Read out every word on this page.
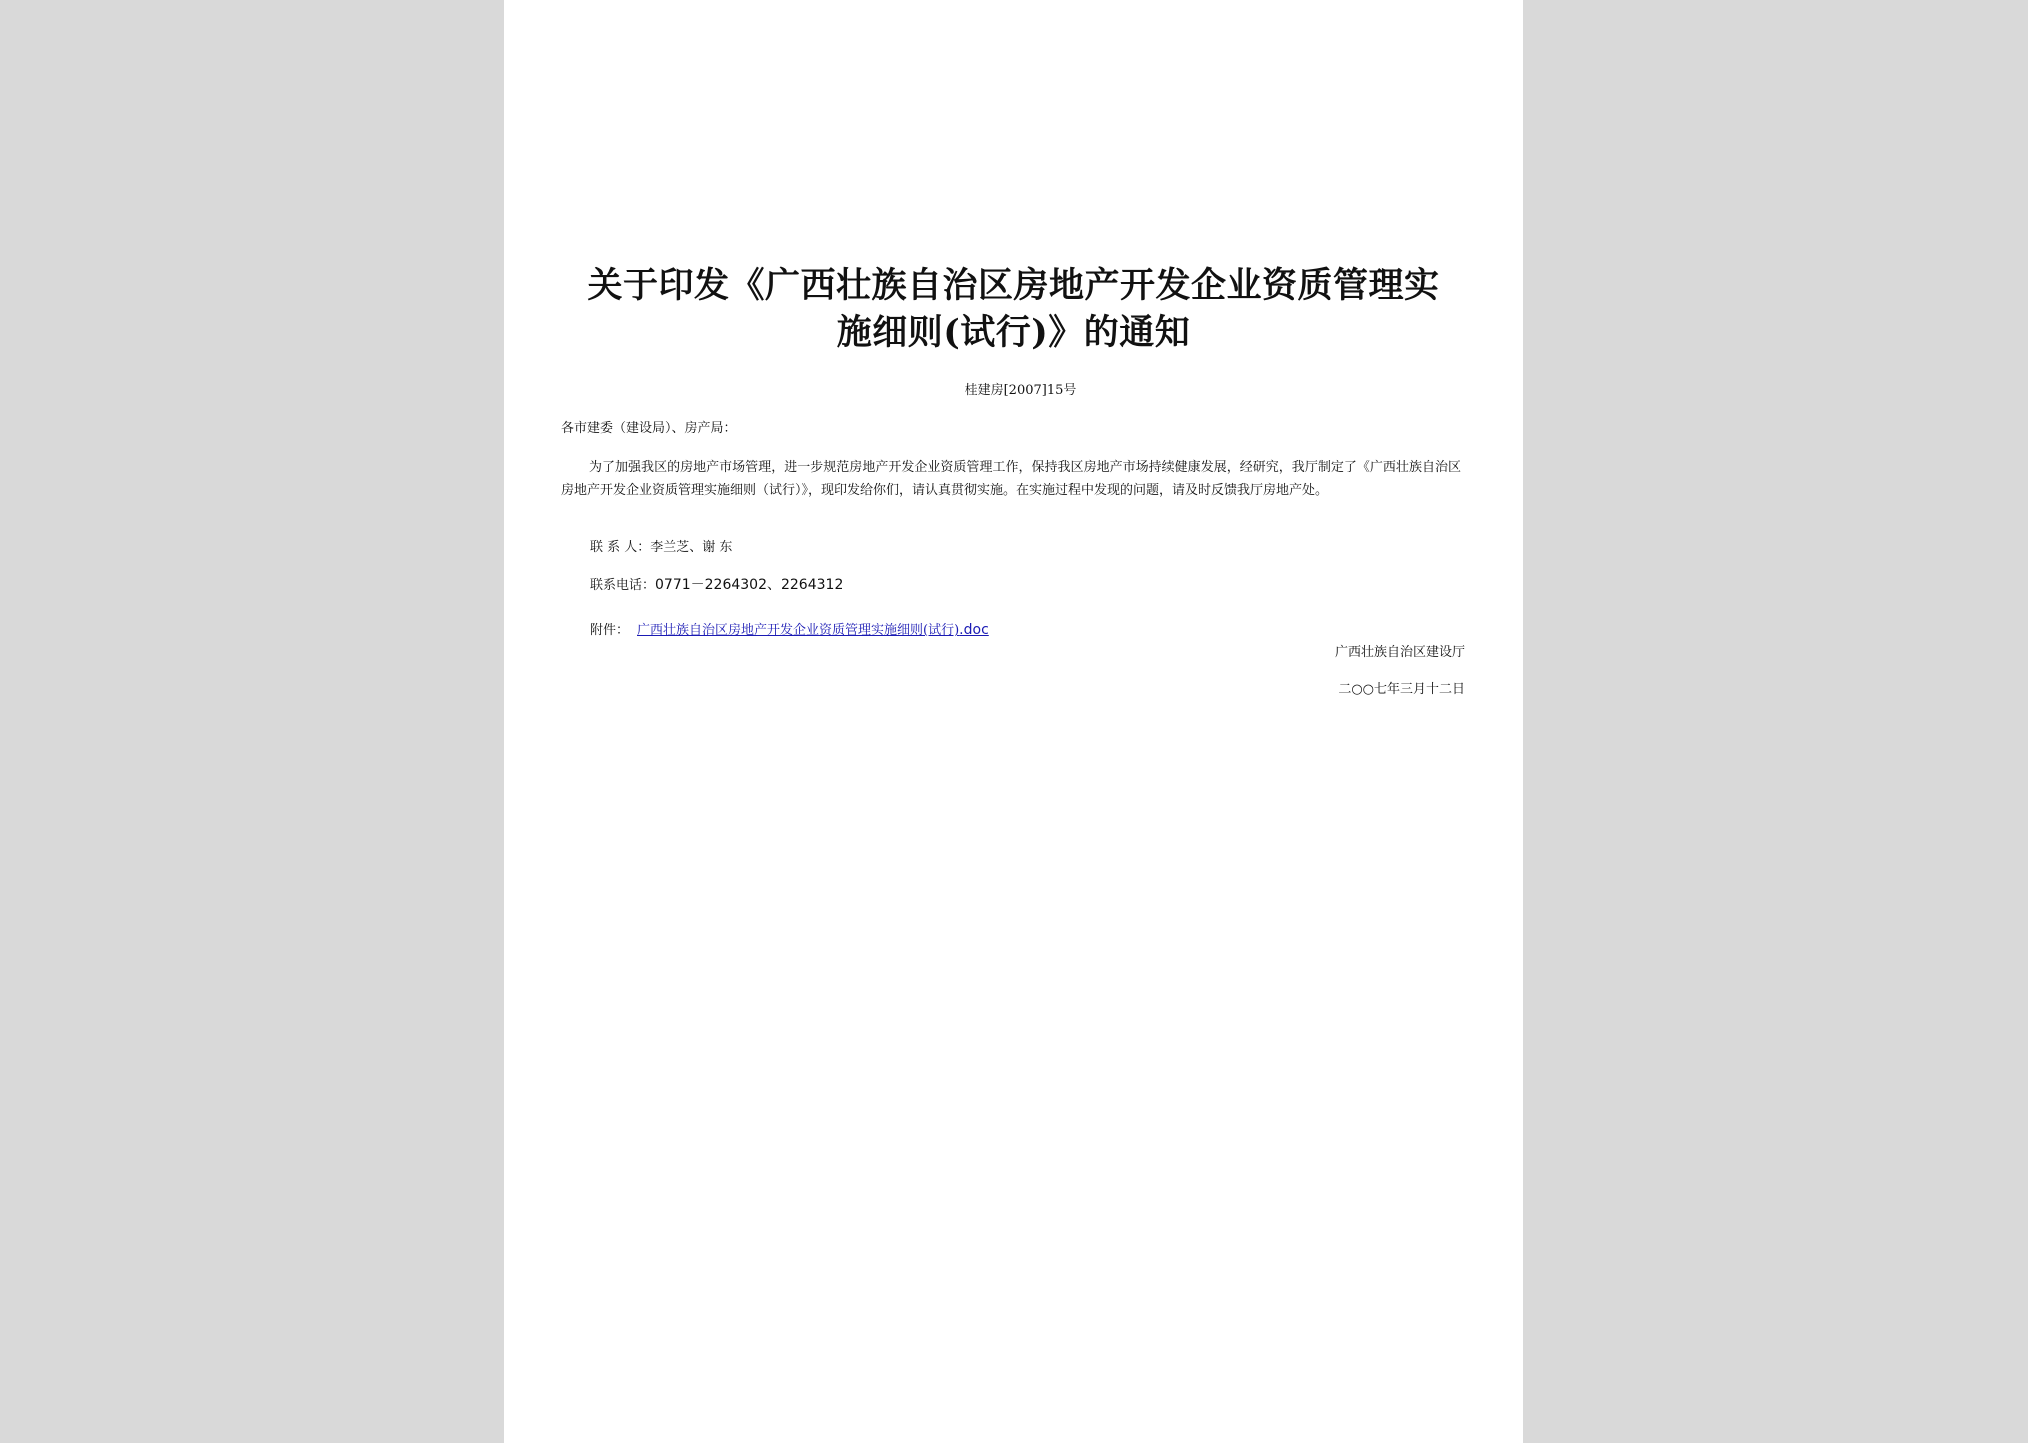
关于印发《广西壮族自治区房地产开发企业资质管理实
施细则(试行)》的通知
桂建房[2007]15号
各市建委（建设局）、房产局：
为了加强我区的房地产市场管理，进一步规范房地产开发企业资质管理工作，保持我区房地产市场持续健康发展，经研究，我厅制定了《广西壮族自治区房地产开发企业资质管理实施细则（试行）》，现印发给你们，请认真贯彻实施。在实施过程中发现的问题，请及时反馈我厅房地产处。
联 系 人：李兰芝、谢 东
联系电话：0771－2264302、2264312
附件： 广西壮族自治区房地产开发企业资质管理实施细则(试行).doc
广西壮族自治区建设厅
二○○七年三月十二日
